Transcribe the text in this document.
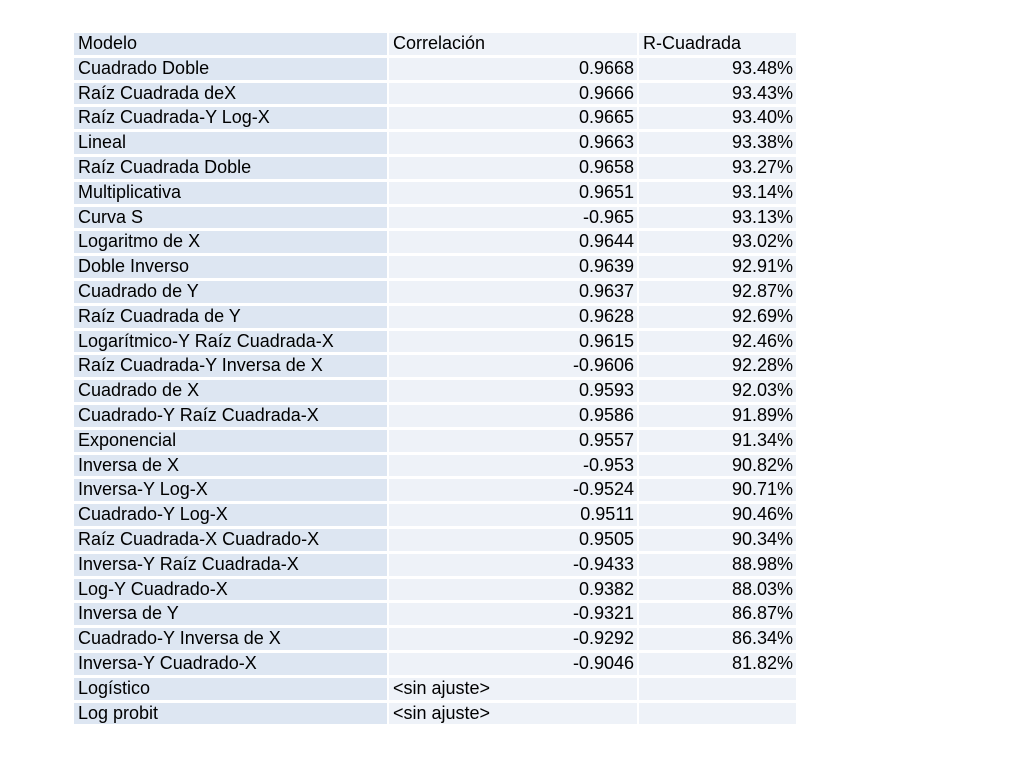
Modelo	Correlación	R-Cuadrada
Cuadrado Doble	0.9668	93.48%
Raíz Cuadrada deX	0.9666	93.43%
Raíz Cuadrada-Y Log-X	0.9665	93.40%
Lineal	0.9663	93.38%
Raíz Cuadrada Doble	0.9658	93.27%
Multiplicativa	0.9651	93.14%
Curva S	-0.965	93.13%
Logaritmo de X	0.9644	93.02%
Doble Inverso	0.9639	92.91%
Cuadrado de Y	0.9637	92.87%
Raíz Cuadrada de Y	0.9628	92.69%
Logarítmico-Y Raíz Cuadrada-X	0.9615	92.46%
Raíz Cuadrada-Y Inversa de X	-0.9606	92.28%
Cuadrado de X	0.9593	92.03%
Cuadrado-Y Raíz Cuadrada-X	0.9586	91.89%
Exponencial	0.9557	91.34%
Inversa de X	-0.953	90.82%
Inversa-Y Log-X	-0.9524	90.71%
Cuadrado-Y Log-X	0.9511	90.46%
Raíz Cuadrada-X Cuadrado-X	0.9505	90.34%
Inversa-Y Raíz Cuadrada-X	-0.9433	88.98%
Log-Y Cuadrado-X	0.9382	88.03%
Inversa de Y	-0.9321	86.87%
Cuadrado-Y Inversa de X	-0.9292	86.34%
Inversa-Y Cuadrado-X	-0.9046	81.82%
Logístico	<sin ajuste>	
Log probit	<sin ajuste>	
